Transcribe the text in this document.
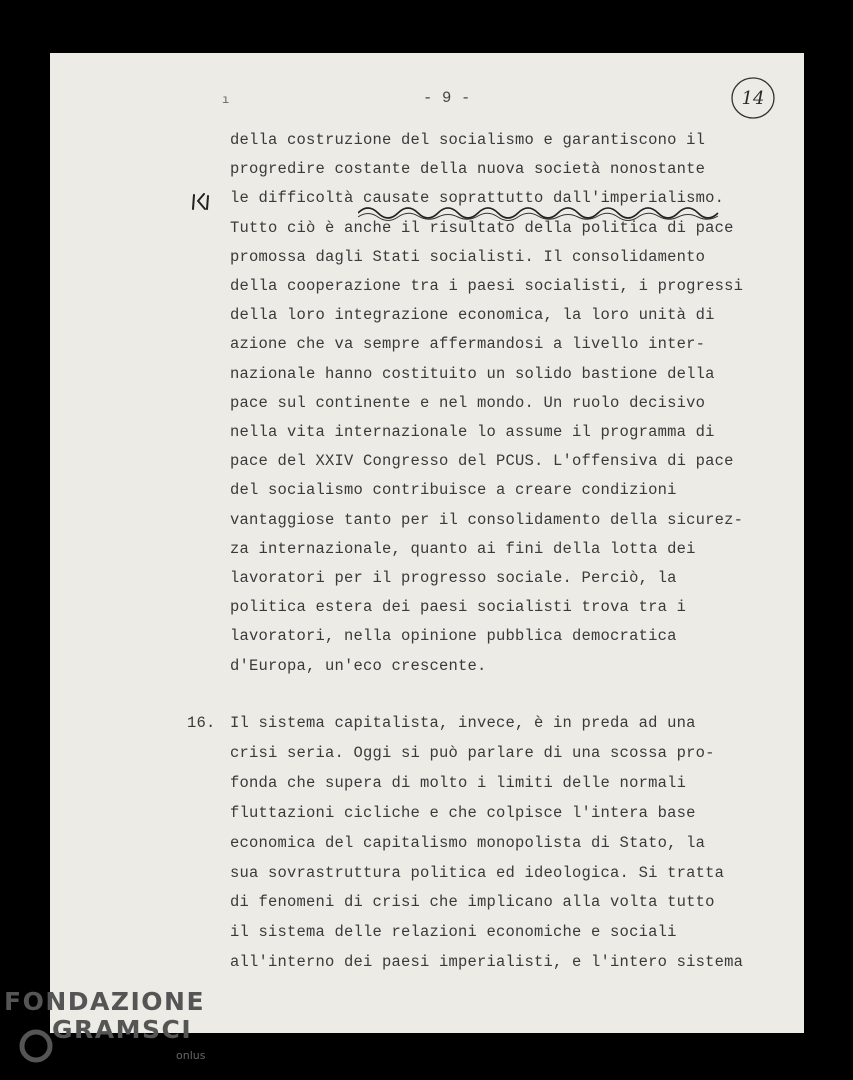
ı	- 9 -	14
della costruzione del socialismo e garantiscono il
progredire costante della nuova società nonostante
le difficoltà causate soprattutto dall'imperialismo.
Tutto ciò è anche il risultato della politica di pace
promossa dagli Stati socialisti. Il consolidamento
della cooperazione tra i paesi socialisti, i progressi
della loro integrazione economica, la loro unità di
azione che va sempre affermandosi a livello inter-
nazionale hanno costituito un solido bastione della
pace sul continente e nel mondo. Un ruolo decisivo
nella vita internazionale lo assume il programma di
pace del XXIV Congresso del PCUS. L'offensiva di pace
del socialismo contribuisce a creare condizioni
vantaggiose tanto per il consolidamento della sicurez-
za internazionale, quanto ai fini della lotta dei
lavoratori per il progresso sociale. Perciò, la
politica estera dei paesi socialisti trova tra i
lavoratori, nella opinione pubblica democratica
d'Europa, un'eco crescente.
16. Il sistema capitalista, invece, è in preda ad una
crisi seria. Oggi si può parlare di una scossa pro-
fonda che supera di molto i limiti delle normali
fluttazioni cicliche e che colpisce l'intera base
economica del capitalismo monopolista di Stato, la
sua sovrastruttura politica ed ideologica. Si tratta
di fenomeni di crisi che implicano alla volta tutto
il sistema delle relazioni economiche e sociali
all'interno dei paesi imperialisti, e l'intero sistema
FONDAZIONE
GRAMSCI
onlus
